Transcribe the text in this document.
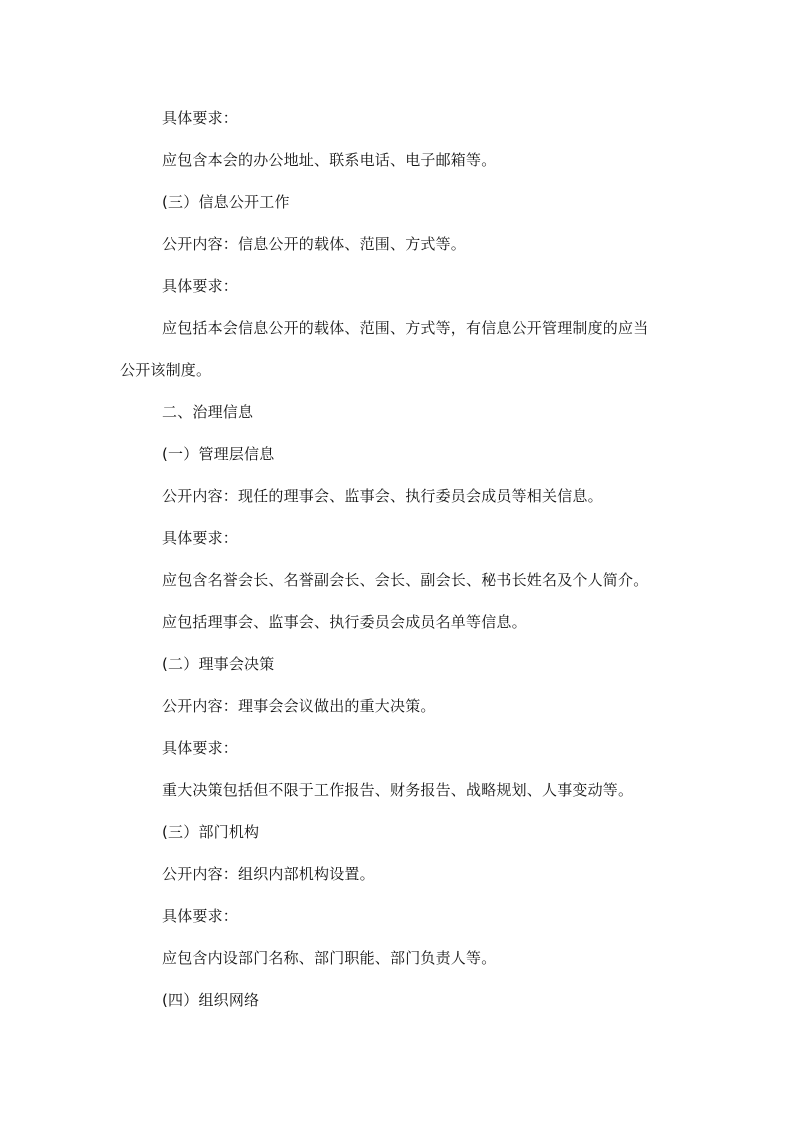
具体要求：
应包含本会的办公地址、联系电话、电子邮箱等。
(三）信息公开工作
公开内容：信息公开的载体、范围、方式等。
具体要求：
应包括本会信息公开的载体、范围、方式等，有信息公开管理制度的应当
公开该制度。
二、治理信息
(一）管理层信息
公开内容：现任的理事会、监事会、执行委员会成员等相关信息。
具体要求：
应包含名誉会长、名誉副会长、会长、副会长、秘书长姓名及个人简介。
应包括理事会、监事会、执行委员会成员名单等信息。
(二）理事会决策
公开内容：理事会会议做出的重大决策。
具体要求：
重大决策包括但不限于工作报告、财务报告、战略规划、人事变动等。
(三）部门机构
公开内容：组织内部机构设置。
具体要求：
应包含内设部门名称、部门职能、部门负责人等。
(四）组织网络
